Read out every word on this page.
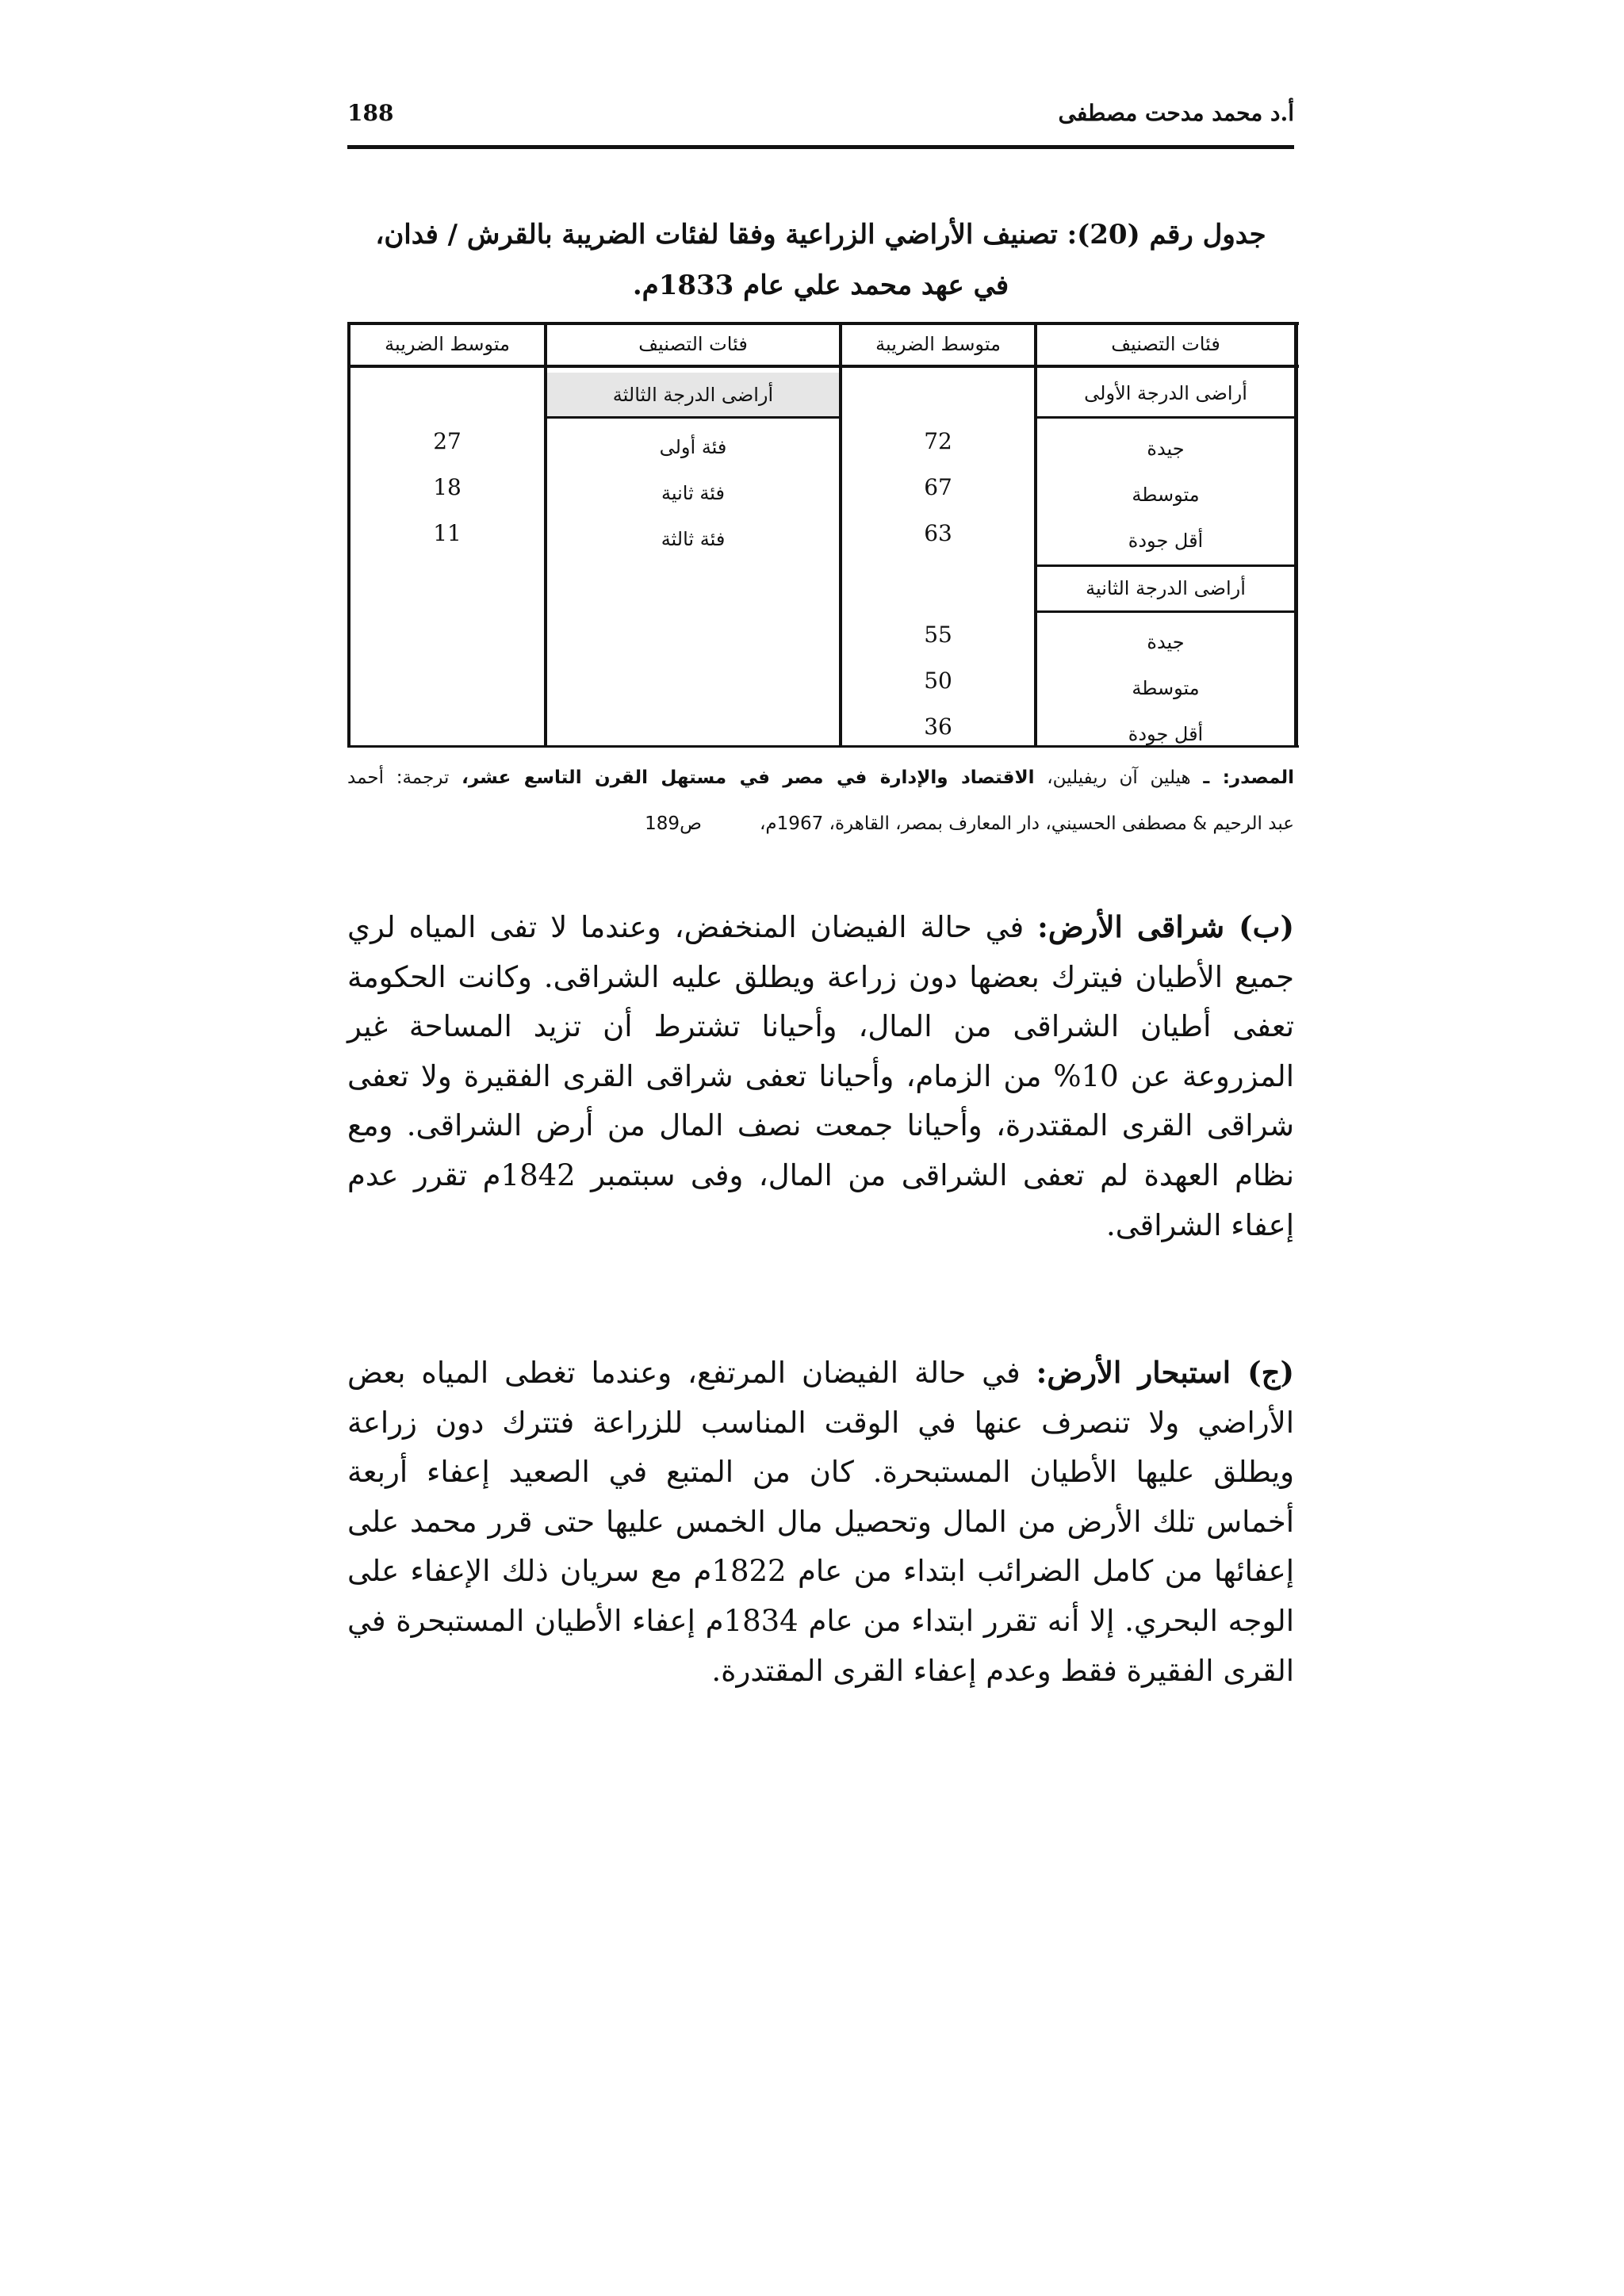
188	أ.د محمد مدحت مصطفى
جدول رقم (20): تصنيف الأراضي الزراعية وفقا لفئات الضريبة بالقرش / فدان،
في عهد محمد علي عام 1833م.
فئات التصنيف
متوسط الضريبة
فئات التصنيف
متوسط الضريبة
أراضى الدرجة الأولى
أراضى الدرجة الثالثة
أراضى الدرجة الثانية
جيدة
72
متوسطة
67
أقل جودة
63
جيدة
55
متوسطة
50
أقل جودة
36
فئة أولى
27
فئة ثانية
18
فئة ثالثة
11
المصدر: ـ هيلين آن ريفيلين، الاقتصاد والإدارة في مصر في مستهل القرن التاسع عشر، ترجمة: أحمد
عبد الرحيم & مصطفى الحسيني، دار المعارف بمصر، القاهرة، 1967م،          ص189
(ب) شراقى الأرض: في حالة الفيضان المنخفض، وعندما لا تفى المياه لري جميع الأطيان فيترك بعضها دون زراعة ويطلق عليه الشراقى. وكانت الحكومة تعفى أطيان الشراقى من المال، وأحيانا تشترط أن تزيد المساحة غير المزروعة عن 10% من الزمام، وأحيانا تعفى شراقى القرى الفقيرة ولا تعفى شراقى القرى المقتدرة، وأحيانا جمعت نصف المال من أرض الشراقى. ومع نظام العهدة لم تعفى الشراقى من المال، وفى سبتمبر 1842م تقرر عدم إعفاء الشراقى.
(ج) استبحار الأرض: في حالة الفيضان المرتفع، وعندما تغطى المياه بعض الأراضي ولا تنصرف عنها في الوقت المناسب للزراعة فتترك دون زراعة ويطلق عليها الأطيان المستبحرة. كان من المتبع في الصعيد إعفاء أربعة أخماس تلك الأرض من المال وتحصيل مال الخمس عليها حتى قرر محمد على إعفائها من كامل الضرائب ابتداء من عام 1822م مع سريان ذلك الإعفاء على الوجه البحري. إلا أنه تقرر ابتداء من عام 1834م إعفاء الأطيان المستبحرة في القرى الفقيرة فقط وعدم إعفاء القرى المقتدرة.
